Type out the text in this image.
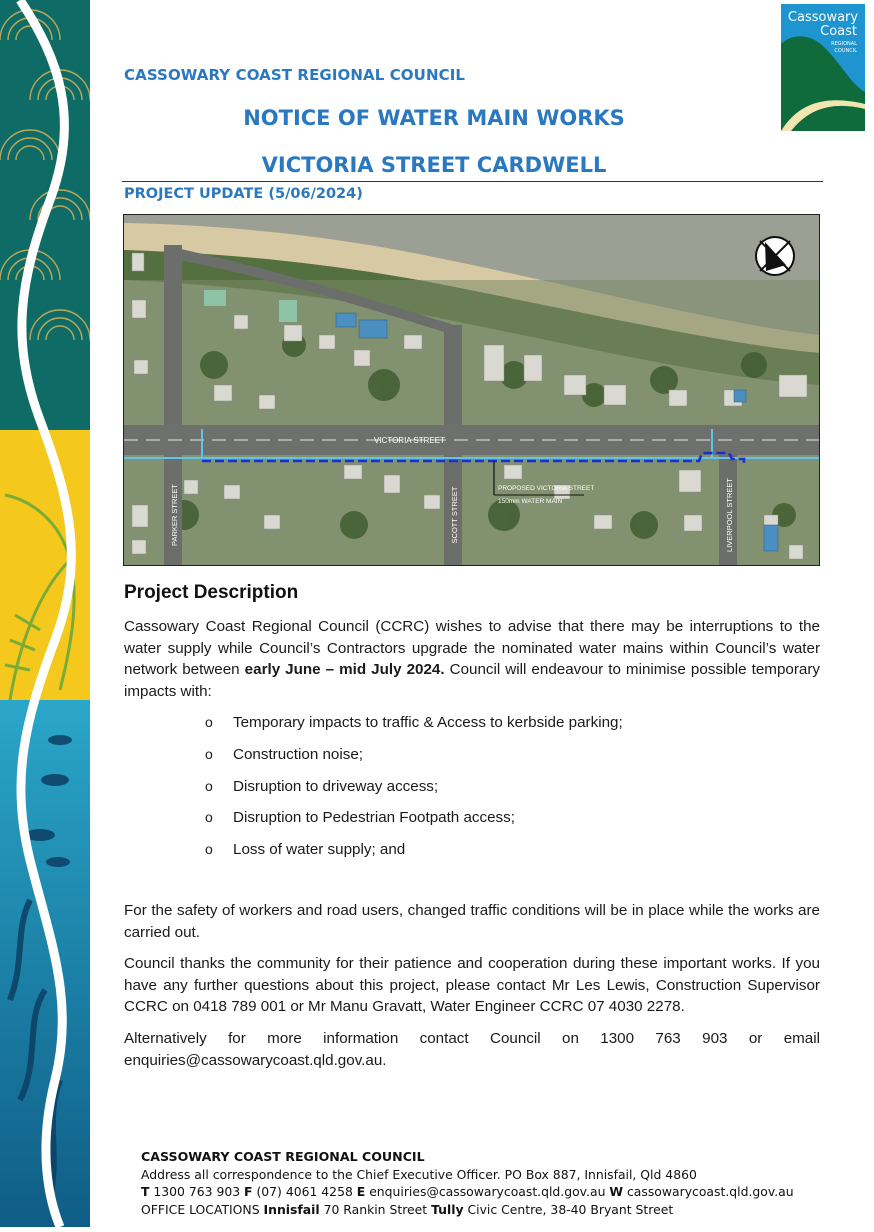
Cassowary
Coast
REGIONAL
COUNCIL
CASSOWARY COAST REGIONAL COUNCIL
NOTICE OF WATER MAIN WORKS
VICTORIA STREET CARDWELL
PROJECT UPDATE (5/06/2024)
VICTORIA STREET
PARKER STREET	SCOTT STREET	LIVERPOOL STREET
PROPOSED VICTORIA STREET
150mm WATER MAIN
Project Description
Cassowary Coast Regional Council (CCRC) wishes to advise that there may be interruptions to the water supply while Council’s Contractors upgrade the nominated water mains within Council’s water network between early June – mid July 2024. Council will endeavour to minimise possible temporary impacts with:
o Temporary impacts to traffic & Access to kerbside parking;
o Construction noise;
o Disruption to driveway access;
o Disruption to Pedestrian Footpath access;
o Loss of water supply; and
For the safety of workers and road users, changed traffic conditions will be in place while the works are carried out.
Council thanks the community for their patience and cooperation during these important works. If you have any further questions about this project, please contact Mr Les Lewis, Construction Supervisor CCRC on 0418 789 001 or Mr Manu Gravatt, Water Engineer CCRC 07 4030 2278.
Alternatively for more information contact Council on 1300 763 903 or email enquiries@cassowarycoast.qld.gov.au.
CASSOWARY COAST REGIONAL COUNCIL
Address all correspondence to the Chief Executive Officer. PO Box 887, Innisfail, Qld 4860
T 1300 763 903 F (07) 4061 4258 E enquiries@cassowarycoast.qld.gov.au W cassowarycoast.qld.gov.au
OFFICE LOCATIONS Innisfail 70 Rankin Street Tully Civic Centre, 38-40 Bryant Street
